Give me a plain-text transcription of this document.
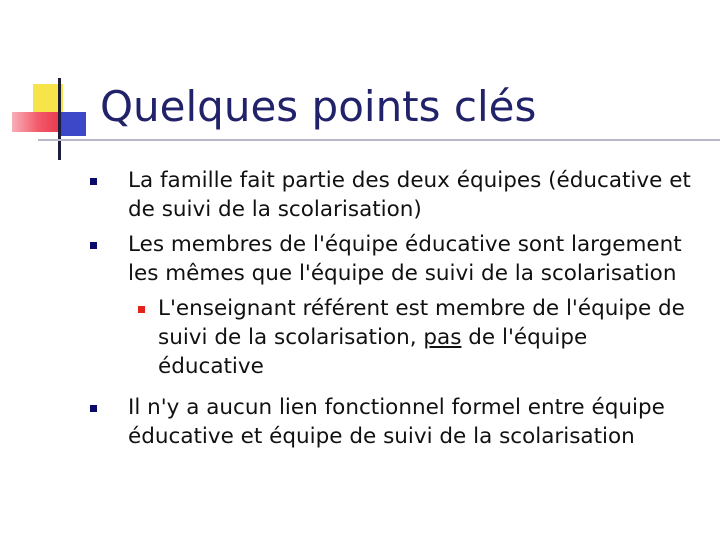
Quelques points clés
La famille fait partie des deux équipes (éducative et de suivi de la scolarisation)
Les membres de l'équipe éducative sont largement les mêmes que l'équipe de suivi de la scolarisation
L'enseignant référent est membre de l'équipe de suivi de la scolarisation, pas de l'équipe éducative
Il n'y a aucun lien fonctionnel formel entre équipe éducative et équipe de suivi de la scolarisation
